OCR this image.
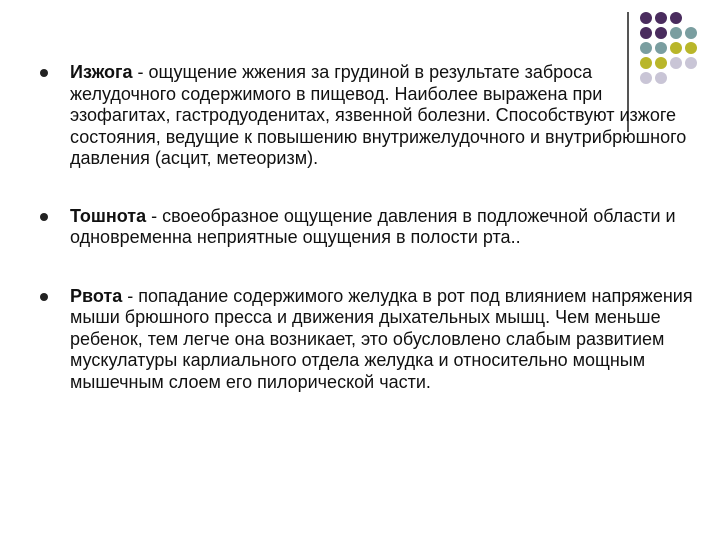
Изжога - ощущение жжения за грудиной в результате заброса желудочного содержимого в пищевод. Наиболее выражена при эзофагитах, гастродуоденитах, язвенной болезни. Способствуют изжоге состояния, ведущие к повышению внутрижелудочного и внутрибрюшного давления (асцит, метеоризм).
Тошнота - своеобразное ощущение давления в подложечной области и одновременна неприятные ощущения в полости рта..
Рвота - попадание содержимого желудка в рот под влиянием напряжения мыши брюшного пресса и движения дыхательных мышц. Чем меньше ребенок, тем легче она возникает, это обусловлено слабым развитием мускулатуры карлиального отдела желудка и относительно мощным мышечным слоем его пилорической части.
